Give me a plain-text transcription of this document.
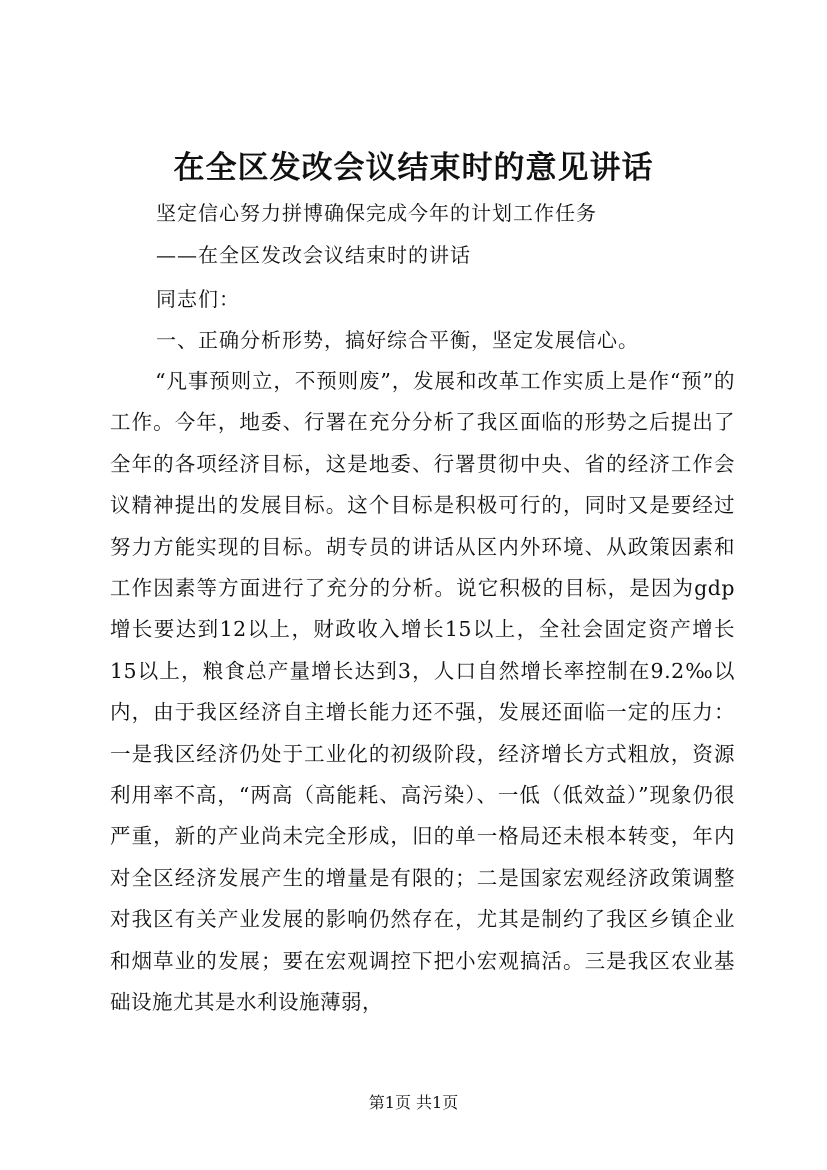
在全区发改会议结束时的意见讲话
坚定信心努力拼博确保完成今年的计划工作任务
——在全区发改会议结束时的讲话
同志们：
一、正确分析形势，搞好综合平衡，坚定发展信心。

“凡事预则立，不预则废”，发展和改革工作实质上是作“预”的工作。今年，地委、行署在充分分析了我区面临的形势之后提出了全年的各项经济目标，这是地委、行署贯彻中央、省的经济工作会议精神提出的发展目标。这个目标是积极可行的，同时又是要经过努力方能实现的目标。胡专员的讲话从区内外环境、从政策因素和工作因素等方面进行了充分的分析。说它积极的目标，是因为gdp增长要达到12以上，财政收入增长15以上，全社会固定资产增长15以上，粮食总产量增长达到3，人口自然增长率控制在9.2‰以内，由于我区经济自主增长能力还不强，发展还面临一定的压力：一是我区经济仍处于工业化的初级阶段，经济增长方式粗放，资源利用率不高，“两高（高能耗、高污染）、一低（低效益）”现象仍很严重，新的产业尚未完全形成，旧的单一格局还未根本转变，年内对全区经济发展产生的增量是有限的；二是国家宏观经济政策调整对我区有关产业发展的影响仍然存在，尤其是制约了我区乡镇企业和烟草业的发展；要在宏观调控下把小宏观搞活。三是我区农业基础设施尤其是水利设施薄弱，

第1页 共1页
